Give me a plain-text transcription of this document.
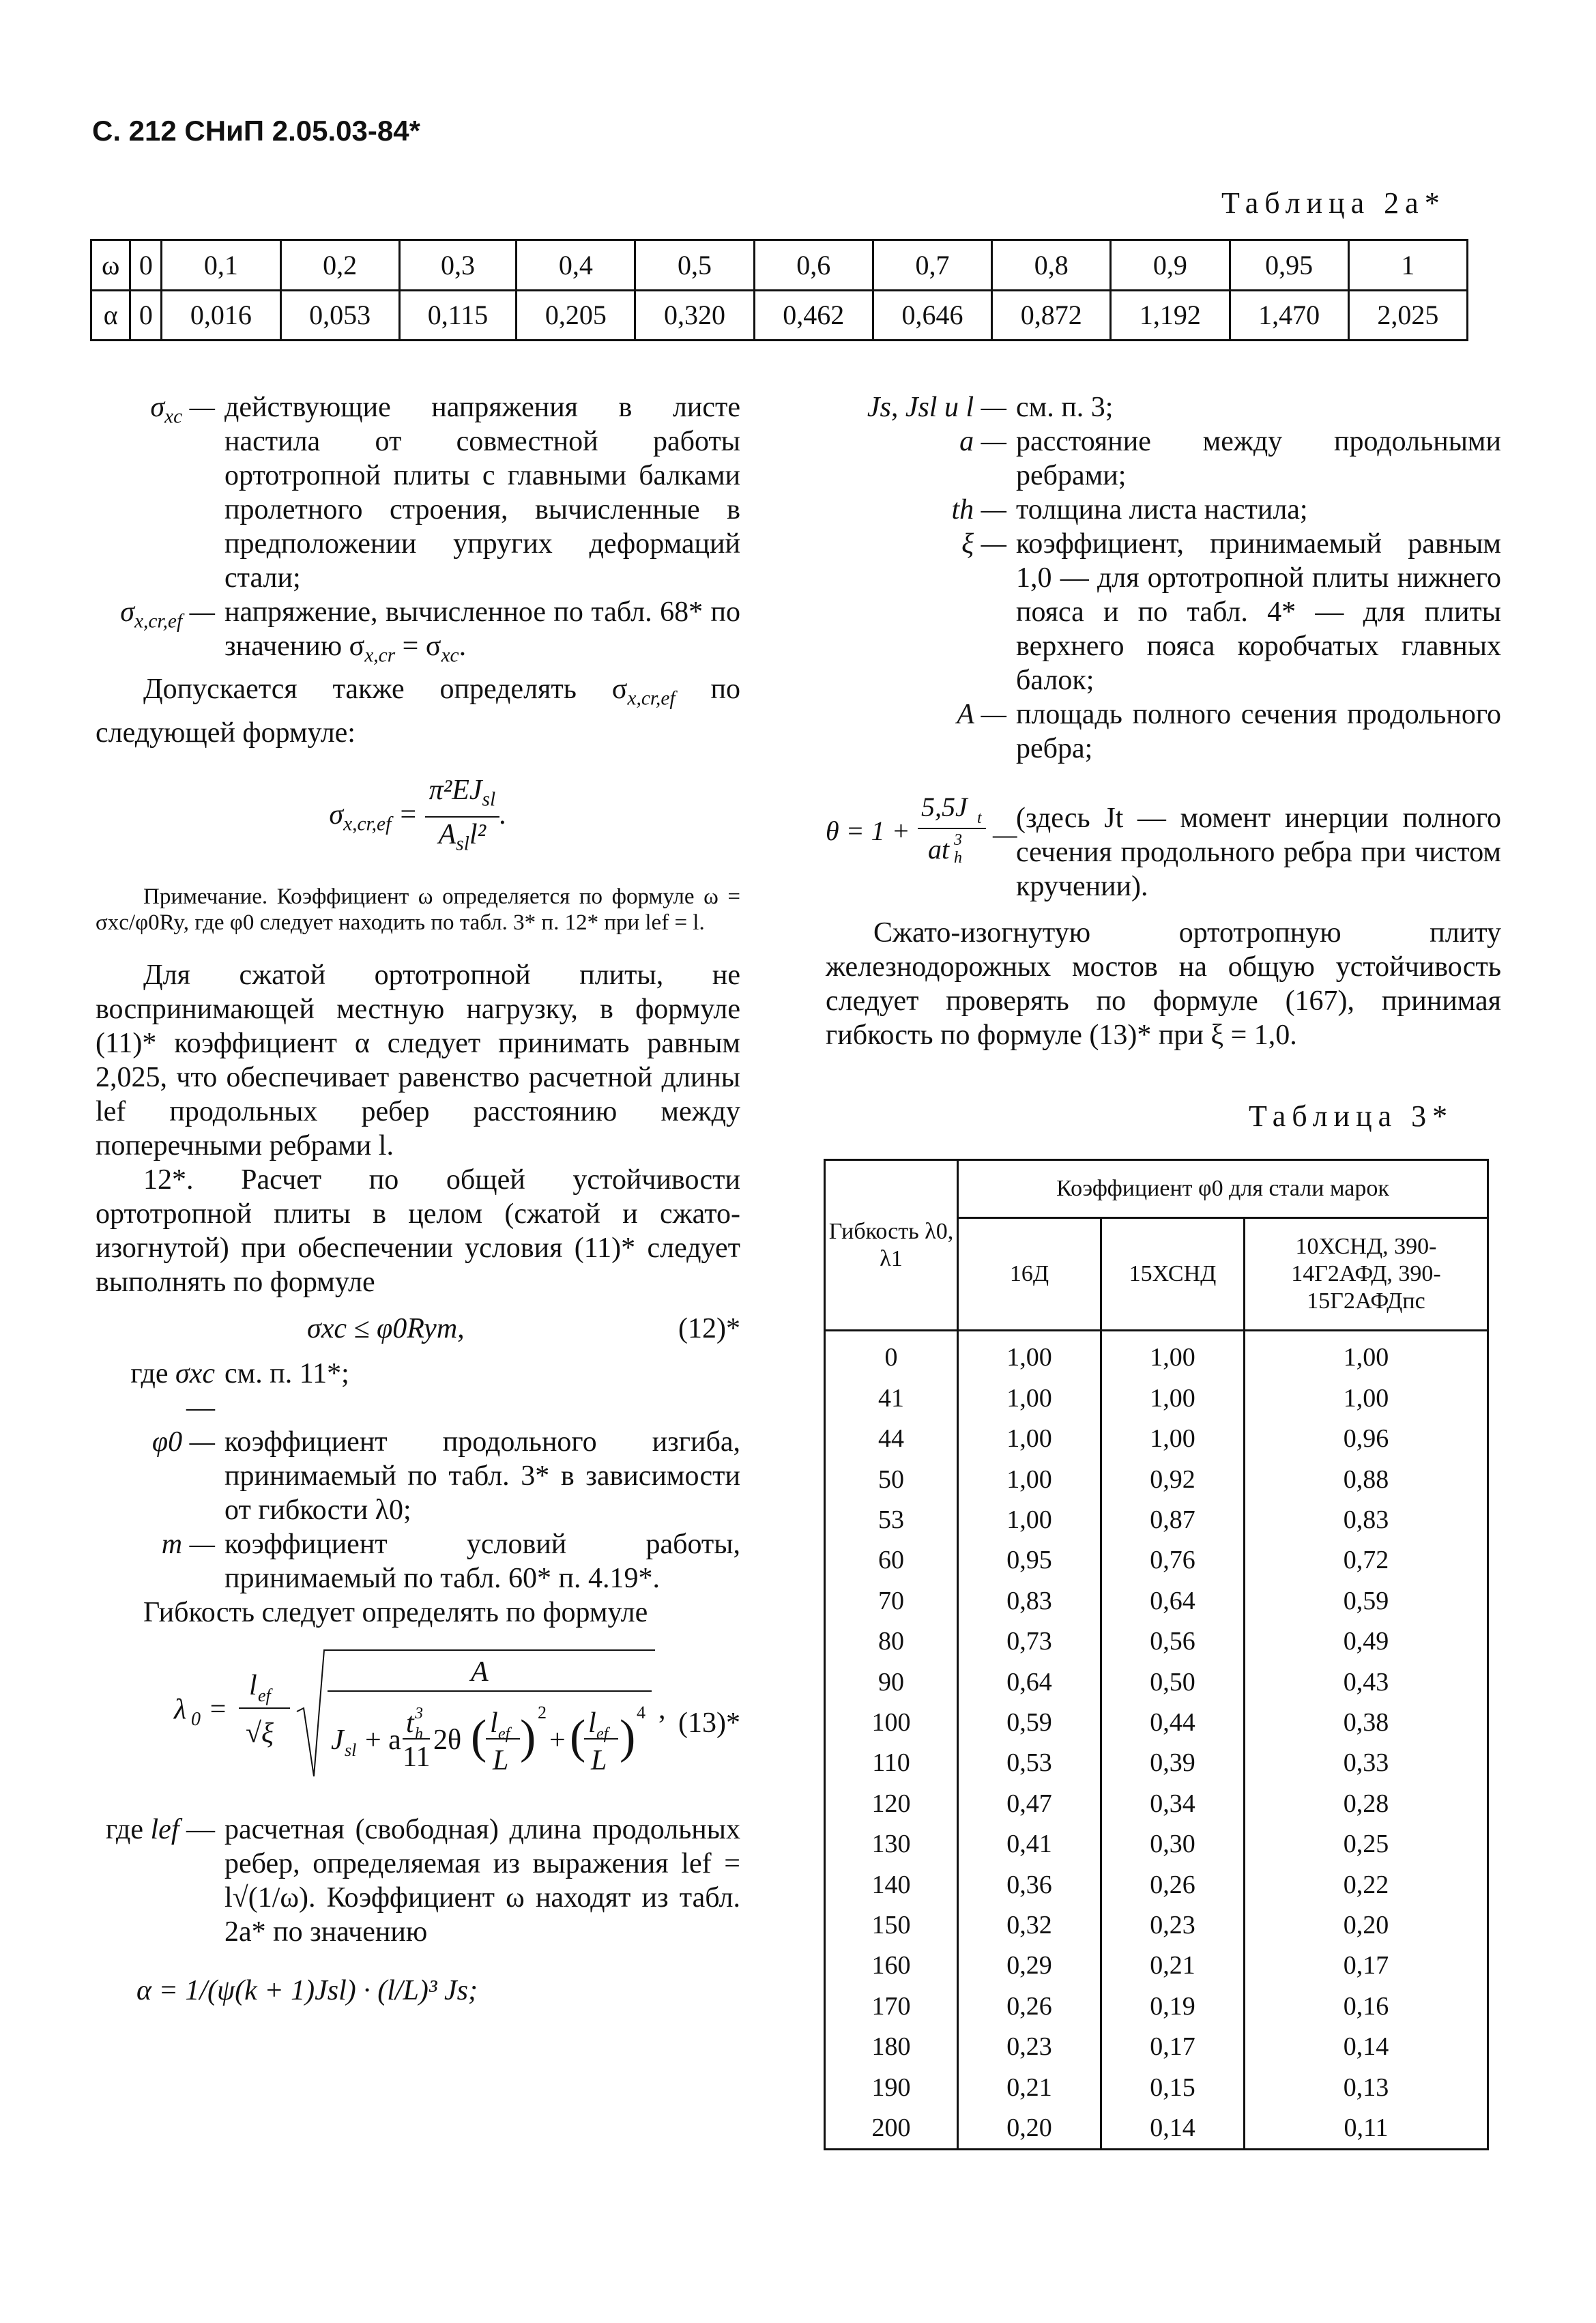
С. 212 СНиП 2.05.03-84*
Таблица 2а*
ω	0	0,1	0,2	0,3	0,4	0,5	0,6	0,7	0,8	0,9	0,95	1
α	0	0,016	0,053	0,115	0,205	0,320	0,462	0,646	0,872	1,192	1,470	2,025
$\sigma_{xc}$ — действующие напряжения в листе настила от совместной работы ортотропной плиты с главными балками пролетного строения, вычисленные в предположении упругих деформаций стали;
$\sigma_{x,cr,ef}$ — напряжение, вычисленное по табл. 68* по значению $\sigma_{x,cr} = \sigma_{xc}$.

Допускается также определять $\sigma_{x,cr,ef}$ по следующей формуле:

$\sigma_{x,cr,ef}$ =
$\pi^2EJ_{sl}$
$A_{sl}l^2$
.

Примечание. Коэффициент ω определяется по формуле ω = σxc/φ0Ry, где φ0 следует находить по табл. 3* п. 12* при lef = l.

Для сжатой ортотропной плиты, не воспринимающей местную нагрузку, в формуле (11)* коэффициент α следует принимать равным 2,025, что обеспечивает равенство расчетной длины lef продольных ребер расстоянию между поперечными ребрами l.

12*. Расчет по общей устойчивости ортотропной плиты в целом (сжатой и сжато-изогнутой) при обеспечении условия (11)* следует выполнять по формуле

σxc ≤ φ0Rym,	(12)*
где σxc —
см. п. 11*;
φ0 — коэффициент продольного изгиба, принимаемый по табл. 3* в зависимости от гибкости λ0;
m — коэффициент условий работы, принимаемый по табл. 60* п. 4.19*.

Гибкость следует определять по формуле

λ 0 =
l ef
√ξ
A
J sl + a
t 3
h
11
2θ ( l ef
L ) 2
+ ( l ef
L ) 4 , (13)*
где lef — расчетная (свободная) длина продольных ребер, определяемая из выражения lef = l√(1/ω). Коэффициент ω находят из табл. 2а* по значению
α = 1/(ψ(k + 1)Jsl) · (l/L)³ Js;
Js, Jsl и l — см. п. 3;
a — расстояние между продольными ребрами;
th — толщина листа настила;
ξ — коэффициент, принимаемый равным 1,0 — для ортотропной плиты нижнего пояса и по табл. 4* — для плиты верхнего пояса коробчатых главных балок;
A — площадь полного сечения продольного ребра;
θ = 1 +
5,5J t
at 3
h
—
(здесь Jt — момент инерции полного сечения продольного ребра при чистом кручении).

Сжато-изогнутую ортотропную плиту железнодорожных мостов на общую устойчивость следует проверять по формуле (167), принимая гибкость по формуле (13)* при ξ = 1,0.

Таблица 3*
Гибкость λ0, λ1	Коэффициент φ0 для стали марок		
	16Д	15ХСНД	10ХСНД, 390-14Г2АФД, 390-15Г2АФДпс
0	1,00	1,00	1,00
41	1,00	1,00	1,00
44	1,00	1,00	0,96
50	1,00	0,92	0,88
53	1,00	0,87	0,83
60	0,95	0,76	0,72
70	0,83	0,64	0,59
80	0,73	0,56	0,49
90	0,64	0,50	0,43
100	0,59	0,44	0,38
110	0,53	0,39	0,33
120	0,47	0,34	0,28
130	0,41	0,30	0,25
140	0,36	0,26	0,22
150	0,32	0,23	0,20
160	0,29	0,21	0,17
170	0,26	0,19	0,16
180	0,23	0,17	0,14
190	0,21	0,15	0,13
200	0,20	0,14	0,11
